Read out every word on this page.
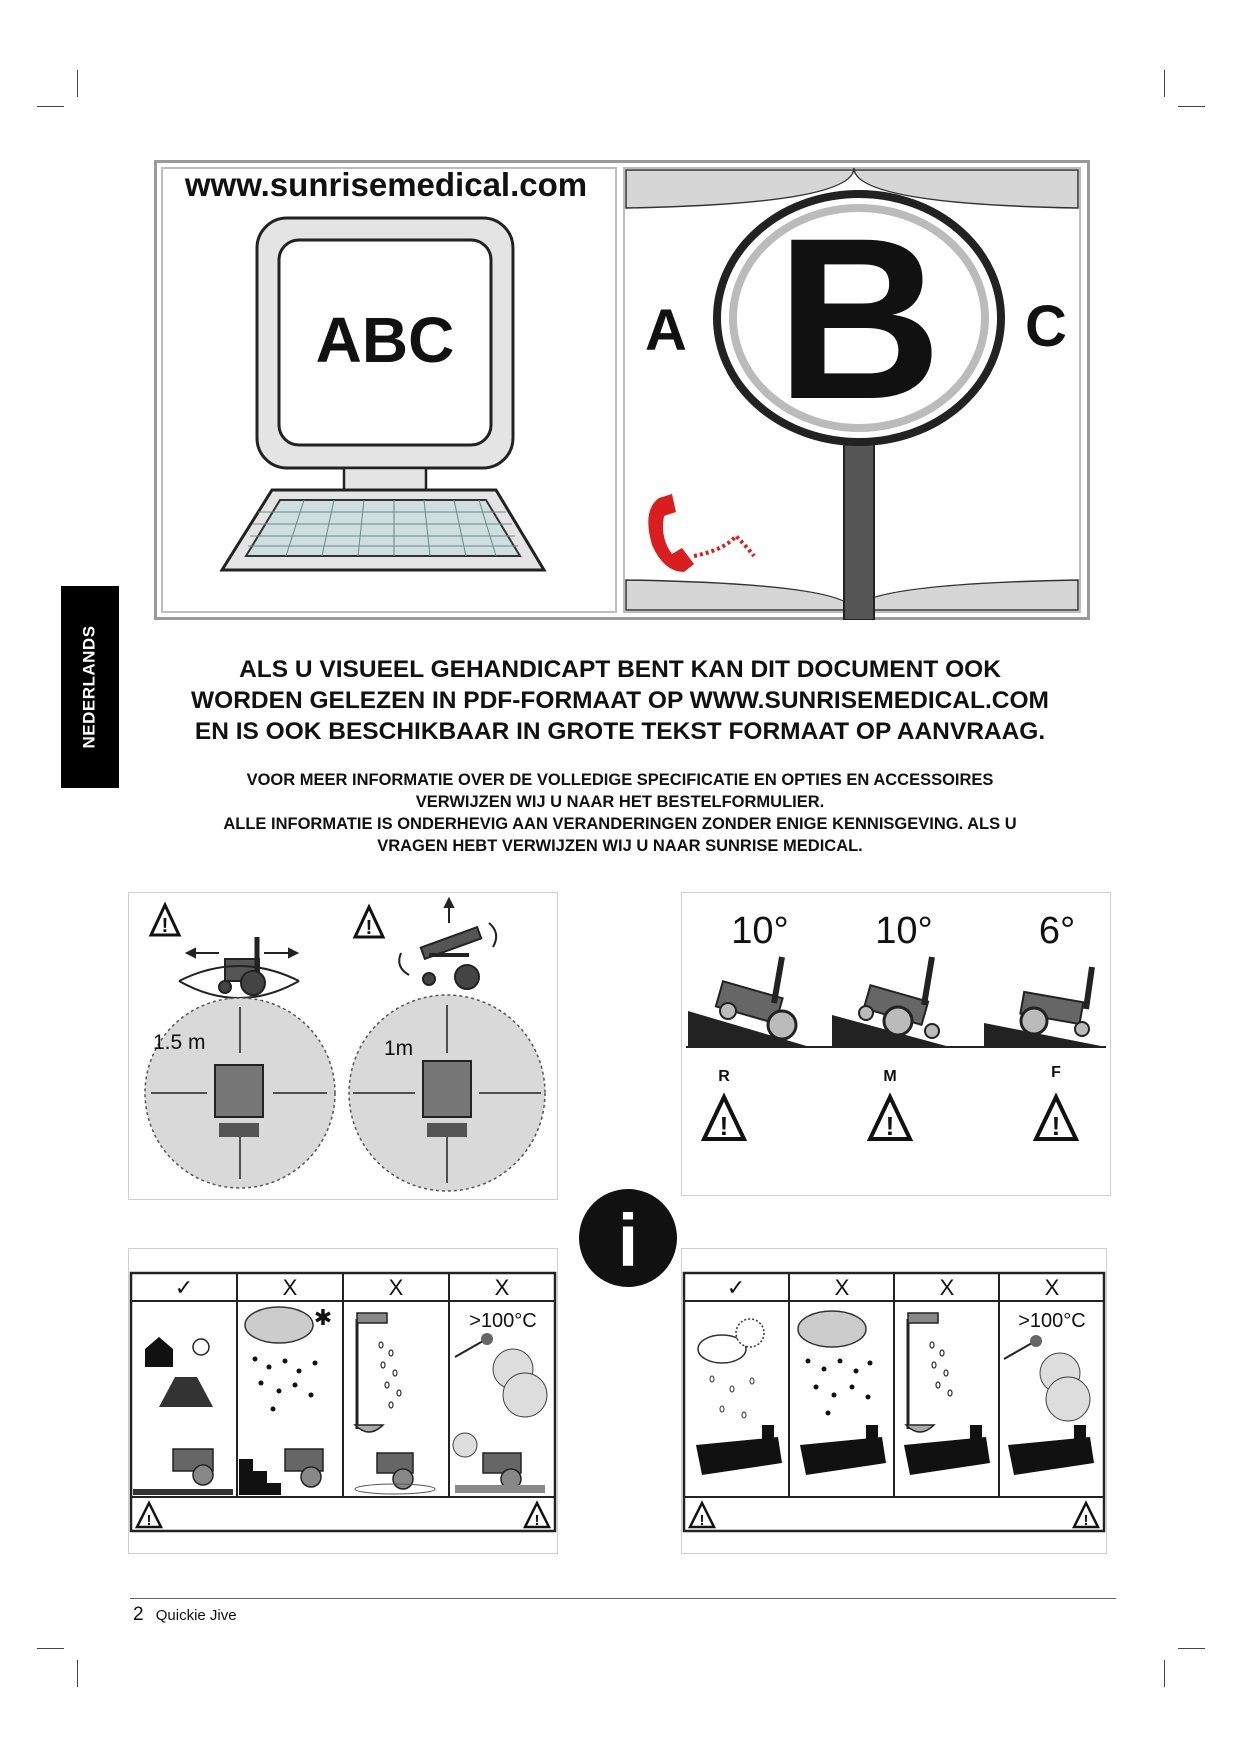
NEDERLANDS
www.sunrisemedical.com
ABC	A B C
ALS U VISUEEL GEHANDICAPT BENT KAN DIT DOCUMENT OOK
WORDEN GELEZEN IN PDF-FORMAAT OP WWW.SUNRISEMEDICAL.COM
EN IS OOK BESCHIKBAAR IN GROTE TEKST FORMAAT OP AANVRAAG.
VOOR MEER INFORMATIE OVER DE VOLLEDIGE SPECIFICATIE EN OPTIES EN ACCESSOIRES
VERWIJZEN WIJ U NAAR HET BESTELFORMULIER.
ALLE INFORMATIE IS ONDERHEVIG AAN VERANDERINGEN ZONDER ENIGE KENNISGEVING. ALS U
VRAGEN HEBT VERWIJZEN WIJ U NAAR SUNRISE MEDICAL.
!	!
1.5 m	1m
10° 10°	6°
R	M	F
!	!	!
i
✓	X	X	X
>100°C
✱
!	!
✓	X	X	X
>100°C
!	!
2 Quickie Jive
